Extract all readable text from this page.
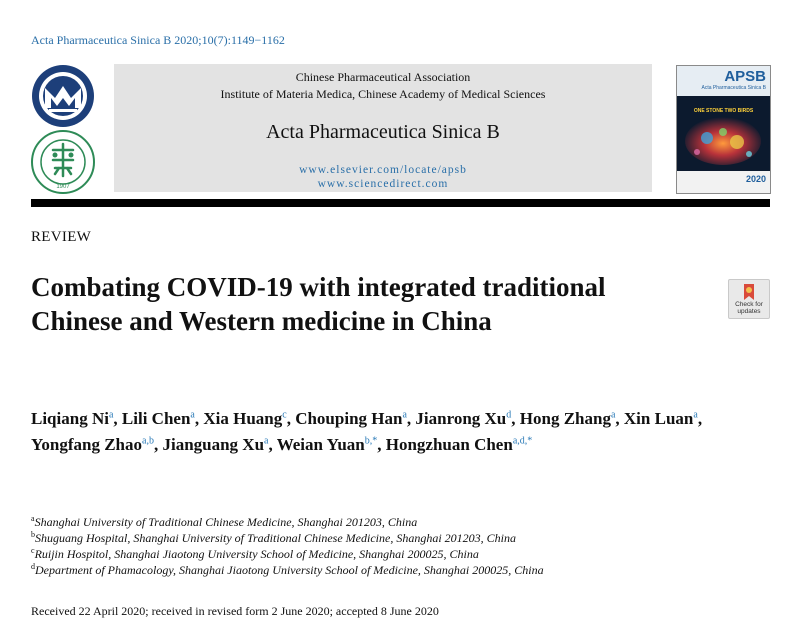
Acta Pharmaceutica Sinica B 2020;10(7):1149−1162
1907
Chinese Pharmaceutical Association
Institute of Materia Medica, Chinese Academy of Medical Sciences
Acta Pharmaceutica Sinica B
www.elsevier.com/locate/apsb
www.sciencedirect.com
APSB
Acta Pharmaceutica Sinica B
ONE STONE TWO BIRDS
2020
REVIEW
Combating COVID-19 with integrated traditional Chinese and Western medicine in China
Check for
updates
Liqiang Ni$^a$, Lili Chen$^a$, Xia Huang$^c$, Chouping Han$^a$, Jianrong Xu$^d$, Hong Zhang$^a$, Xin Luan$^a$, Yongfang Zhao$^{a,b}$, Jianguang Xu$^a$, Weian Yuan$^{b,*}$, Hongzhuan Chen$^{a,d,*}$
$^a$Shanghai University of Traditional Chinese Medicine, Shanghai 201203, China
$^b$Shuguang Hospital, Shanghai University of Traditional Chinese Medicine, Shanghai 201203, China
$^c$Ruijin Hospitol, Shanghai Jiaotong University School of Medicine, Shanghai 200025, China
$^d$Department of Phamacology, Shanghai Jiaotong University School of Medicine, Shanghai 200025, China
Received 22 April 2020; received in revised form 2 June 2020; accepted 8 June 2020
